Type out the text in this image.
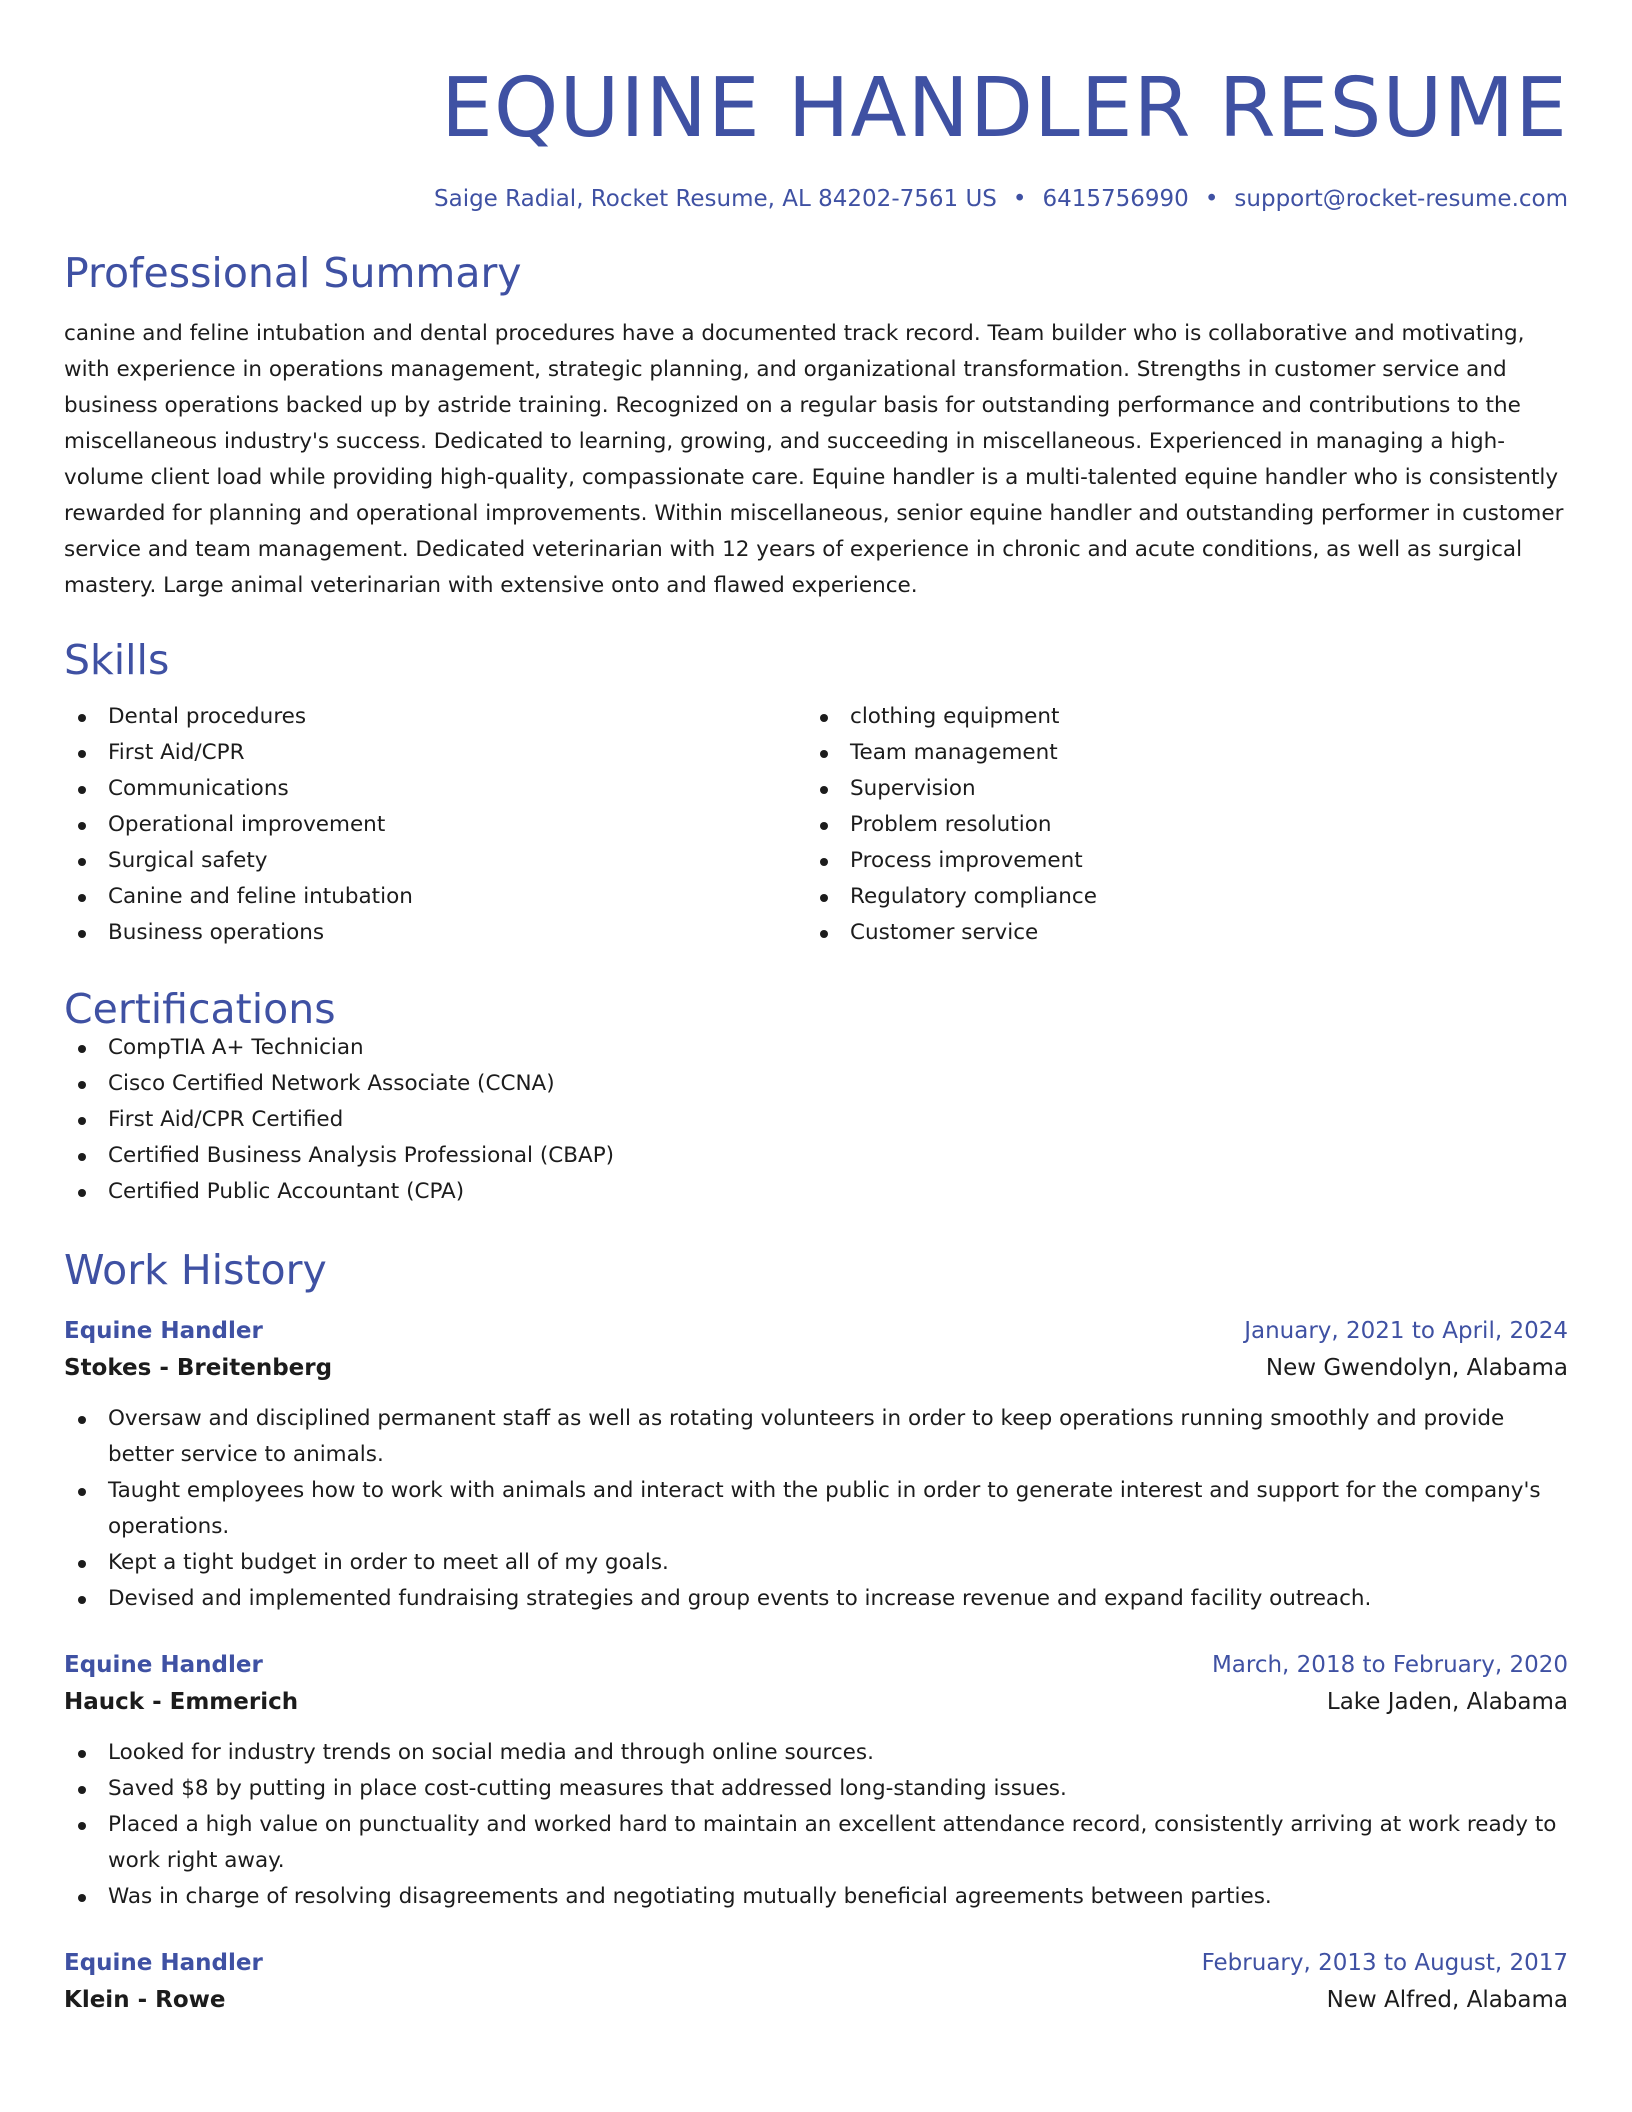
EQUINE HANDLER RESUME
Saige Radial, Rocket Resume, AL 84202-7561 US • 6415756990 • support@rocket-resume.com
Professional Summary

canine and feline intubation and dental procedures have a documented track record. Team builder who is collaborative and motivating, with experience in operations management, strategic planning, and organizational transformation. Strengths in customer service and business operations backed up by astride training. Recognized on a regular basis for outstanding performance and contributions to the miscellaneous industry's success. Dedicated to learning, growing, and succeeding in miscellaneous. Experienced in managing a high-volume client load while providing high-quality, compassionate care. Equine handler is a multi-talented equine handler who is consistently rewarded for planning and operational improvements. Within miscellaneous, senior equine handler and outstanding performer in customer service and team management. Dedicated veterinarian with 12 years of experience in chronic and acute conditions, as well as surgical mastery. Large animal veterinarian with extensive onto and flawed experience.

Skills
Dental procedures
First Aid/CPR
Communications
Operational improvement
Surgical safety
Canine and feline intubation
Business operations
clothing equipment
Team management
Supervision
Problem resolution
Process improvement
Regulatory compliance
Customer service
Certifications
CompTIA A+ Technician
Cisco Certified Network Associate (CCNA)
First Aid/CPR Certified
Certified Business Analysis Professional (CBAP)
Certified Public Accountant (CPA)
Work History
Equine Handler	January, 2021 to April, 2024
Stokes - Breitenberg	New Gwendolyn, Alabama
Oversaw and disciplined permanent staff as well as rotating volunteers in order to keep operations running smoothly and provide better service to animals.
Taught employees how to work with animals and interact with the public in order to generate interest and support for the company's operations.
Kept a tight budget in order to meet all of my goals.
Devised and implemented fundraising strategies and group events to increase revenue and expand facility outreach.
Equine Handler	March, 2018 to February, 2020
Hauck - Emmerich	Lake Jaden, Alabama
Looked for industry trends on social media and through online sources.
Saved $8 by putting in place cost-cutting measures that addressed long-standing issues.
Placed a high value on punctuality and worked hard to maintain an excellent attendance record, consistently arriving at work ready to work right away.
Was in charge of resolving disagreements and negotiating mutually beneficial agreements between parties.
Equine Handler	February, 2013 to August, 2017
Klein - Rowe	New Alfred, Alabama
